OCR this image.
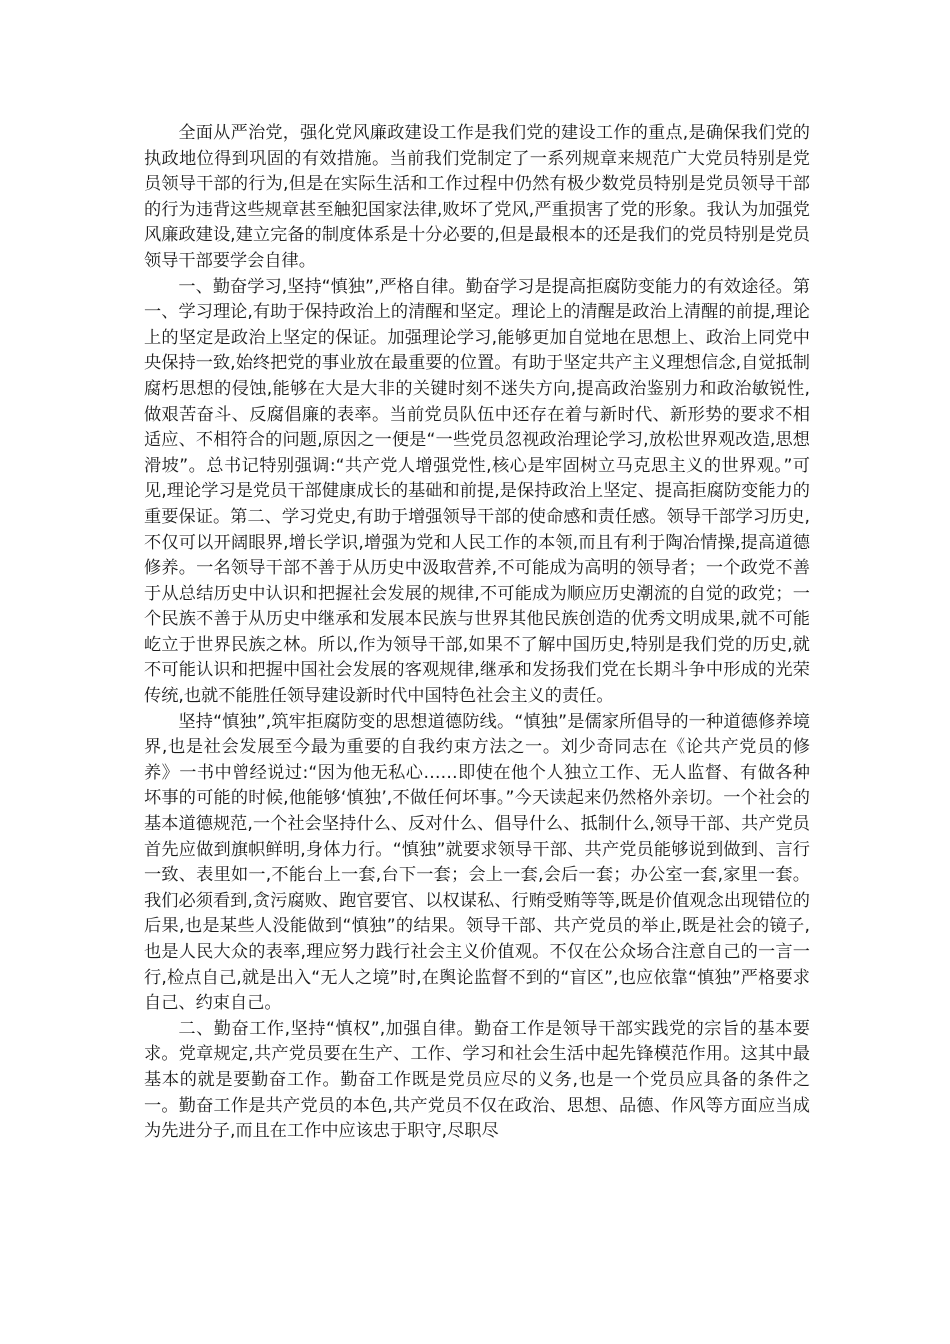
全面从严治党，强化党风廉政建设工作是我们党的建设工作的重点,是确保我们党的执政地位得到巩固的有效措施。当前我们党制定了一系列规章来规范广大党员特别是党员领导干部的行为,但是在实际生活和工作过程中仍然有极少数党员特别是党员领导干部的行为违背这些规章甚至触犯国家法律,败坏了党风,严重损害了党的形象。我认为加强党风廉政建设,建立完备的制度体系是十分必要的,但是最根本的还是我们的党员特别是党员领导干部要学会自律。

一、勤奋学习,坚持“慎独”,严格自律。勤奋学习是提高拒腐防变能力的有效途径。第一、学习理论,有助于保持政治上的清醒和坚定。理论上的清醒是政治上清醒的前提,理论上的坚定是政治上坚定的保证。加强理论学习,能够更加自觉地在思想上、政治上同党中央保持一致,始终把党的事业放在最重要的位置。有助于坚定共产主义理想信念,自觉抵制腐朽思想的侵蚀,能够在大是大非的关键时刻不迷失方向,提高政治鉴别力和政治敏锐性,做艰苦奋斗、反腐倡廉的表率。当前党员队伍中还存在着与新时代、新形势的要求不相适应、不相符合的问题,原因之一便是“一些党员忽视政治理论学习,放松世界观改造,思想滑坡”。总书记特别强调:“共产党人增强党性,核心是牢固树立马克思主义的世界观。”可见,理论学习是党员干部健康成长的基础和前提,是保持政治上坚定、提高拒腐防变能力的重要保证。第二、学习党史,有助于增强领导干部的使命感和责任感。领导干部学习历史,不仅可以开阔眼界,增长学识,增强为党和人民工作的本领,而且有利于陶冶情操,提高道德修养。一名领导干部不善于从历史中汲取营养,不可能成为高明的领导者；一个政党不善于从总结历史中认识和把握社会发展的规律,不可能成为顺应历史潮流的自觉的政党；一个民族不善于从历史中继承和发展本民族与世界其他民族创造的优秀文明成果,就不可能屹立于世界民族之林。所以,作为领导干部,如果不了解中国历史,特别是我们党的历史,就不可能认识和把握中国社会发展的客观规律,继承和发扬我们党在长期斗争中形成的光荣传统,也就不能胜任领导建设新时代中国特色社会主义的责任。

坚持“慎独”,筑牢拒腐防变的思想道德防线。“慎独”是儒家所倡导的一种道德修养境界,也是社会发展至今最为重要的自我约束方法之一。刘少奇同志在《论共产党员的修养》一书中曾经说过:“因为他无私心……即使在他个人独立工作、无人监督、有做各种坏事的可能的时候,他能够‘慎独’,不做任何坏事。”今天读起来仍然格外亲切。一个社会的基本道德规范,一个社会坚持什么、反对什么、倡导什么、抵制什么,领导干部、共产党员首先应做到旗帜鲜明,身体力行。“慎独”就要求领导干部、共产党员能够说到做到、言行一致、表里如一,不能台上一套,台下一套；会上一套,会后一套；办公室一套,家里一套。我们必须看到,贪污腐败、跑官要官、以权谋私、行贿受贿等等,既是价值观念出现错位的后果,也是某些人没能做到“慎独”的结果。领导干部、共产党员的举止,既是社会的镜子,也是人民大众的表率,理应努力践行社会主义价值观。不仅在公众场合注意自己的一言一行,检点自己,就是出入“无人之境”时,在舆论监督不到的“盲区”,也应依靠“慎独”严格要求自己、约束自己。

二、勤奋工作,坚持“慎权”,加强自律。勤奋工作是领导干部实践党的宗旨的基本要求。党章规定,共产党员要在生产、工作、学习和社会生活中起先锋模范作用。这其中最基本的就是要勤奋工作。勤奋工作既是党员应尽的义务,也是一个党员应具备的条件之一。勤奋工作是共产党员的本色,共产党员不仅在政治、思想、品德、作风等方面应当成为先进分子,而且在工作中应该忠于职守,尽职尽
